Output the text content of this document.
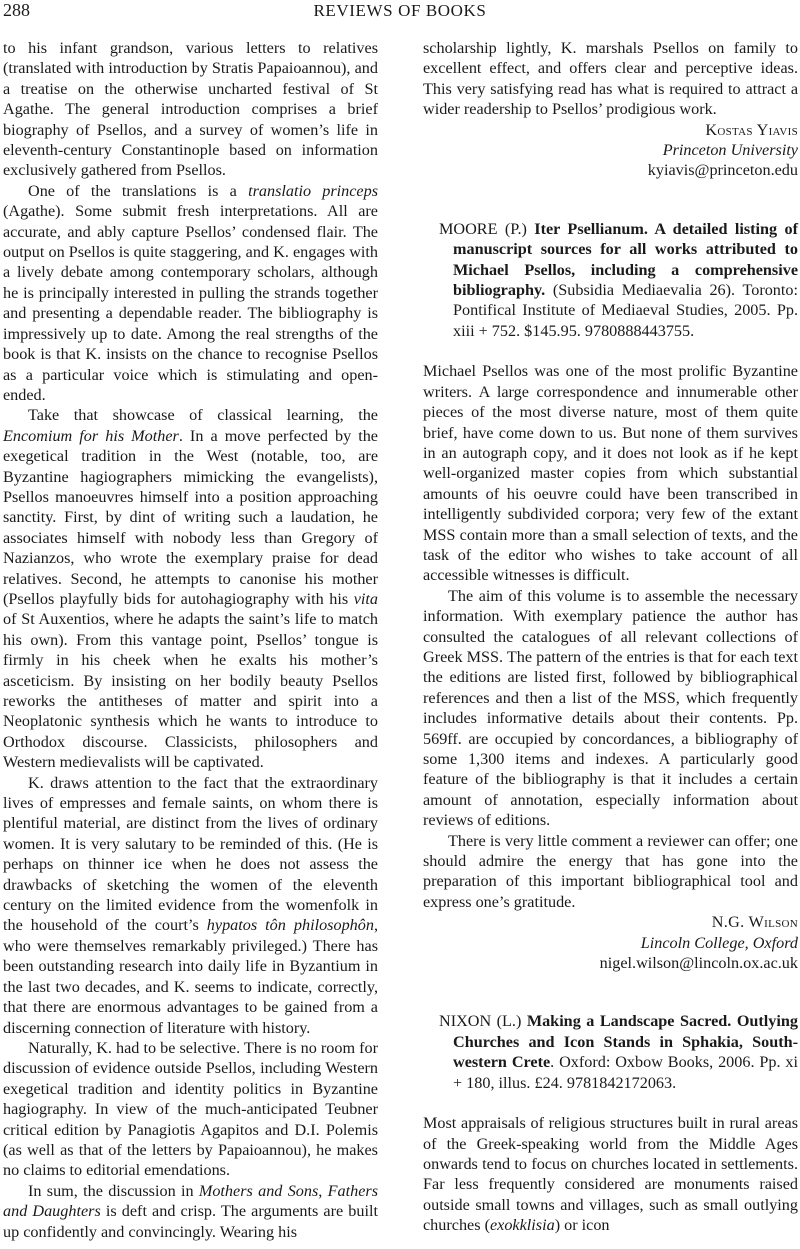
288	REVIEWS OF BOOKS

to his infant grandson, various letters to relatives (translated with introduction by Stratis Papaioannou), and a treatise on the otherwise uncharted festival of St Agathe. The general introduction comprises a brief biography of Psellos, and a survey of women’s life in eleventh-century Constantinople based on information exclusively gathered from Psellos.

One of the translations is a translatio princeps (Agathe). Some submit fresh interpretations. All are accurate, and ably capture Psellos’ condensed flair. The output on Psellos is quite staggering, and K. engages with a lively debate among contemporary scholars, although he is principally interested in pulling the strands together and presenting a dependable reader. The bibliography is impressively up to date. Among the real strengths of the book is that K. insists on the chance to recognise Psellos as a particular voice which is stimulating and open-ended.

Take that showcase of classical learning, the Encomium for his Mother. In a move perfected by the exegetical tradition in the West (notable, too, are Byzantine hagiographers mimicking the evangelists), Psellos manoeuvres himself into a position approaching sanctity. First, by dint of writing such a laudation, he associates himself with nobody less than Gregory of Nazianzos, who wrote the exemplary praise for dead relatives. Second, he attempts to canonise his mother (Psellos playfully bids for autohagiography with his vita of St Auxentios, where he adapts the saint’s life to match his own). From this vantage point, Psellos’ tongue is firmly in his cheek when he exalts his mother’s asceticism. By insisting on her bodily beauty Psellos reworks the antitheses of matter and spirit into a Neoplatonic synthesis which he wants to introduce to Orthodox discourse. Classicists, philosophers and Western medievalists will be captivated.

K. draws attention to the fact that the extraordinary lives of empresses and female saints, on whom there is plentiful material, are distinct from the lives of ordinary women. It is very salutary to be reminded of this. (He is perhaps on thinner ice when he does not assess the drawbacks of sketching the women of the eleventh century on the limited evidence from the womenfolk in the household of the court’s hypatos tôn philosophôn, who were themselves remarkably privileged.) There has been outstanding research into daily life in Byzantium in the last two decades, and K. seems to indicate, correctly, that there are enormous advantages to be gained from a discerning connection of literature with history.

Naturally, K. had to be selective. There is no room for discussion of evidence outside Psellos, including Western exegetical tradition and identity politics in Byzantine hagiography. In view of the much-anticipated Teubner critical edition by Panagiotis Agapitos and D.I. Polemis (as well as that of the letters by Papaioannou), he makes no claims to editorial emendations.

In sum, the discussion in Mothers and Sons, Fathers and Daughters is deft and crisp. The arguments are built up confidently and convincingly. Wearing his

scholarship lightly, K. marshals Psellos on family to excellent effect, and offers clear and perceptive ideas. This very satisfying read has what is required to attract a wider readership to Psellos’ prodigious work.

Kostas Yiavis
Princeton University
kyiavis@princeton.edu

MOORE (P.) Iter Psellianum. A detailed listing of manuscript sources for all works attributed to Michael Psellos, including a comprehensive bibliography. (Subsidia Mediaevalia 26). Toronto: Pontifical Institute of Mediaeval Studies, 2005. Pp. xiii + 752. $145.95. 9780888443755.

Michael Psellos was one of the most prolific Byzantine writers. A large correspondence and innumerable other pieces of the most diverse nature, most of them quite brief, have come down to us. But none of them survives in an autograph copy, and it does not look as if he kept well-organized master copies from which substantial amounts of his oeuvre could have been transcribed in intelligently subdivided corpora; very few of the extant MSS contain more than a small selection of texts, and the task of the editor who wishes to take account of all accessible witnesses is difficult.

The aim of this volume is to assemble the necessary information. With exemplary patience the author has consulted the catalogues of all relevant collections of Greek MSS. The pattern of the entries is that for each text the editions are listed first, followed by bibliographical references and then a list of the MSS, which frequently includes informative details about their contents. Pp. 569ff. are occupied by concordances, a bibliography of some 1,300 items and indexes. A particularly good feature of the bibliography is that it includes a certain amount of annotation, especially information about reviews of editions.

There is very little comment a reviewer can offer; one should admire the energy that has gone into the preparation of this important bibliographical tool and express one’s gratitude.

N.G. Wilson
Lincoln College, Oxford
nigel.wilson@lincoln.ox.ac.uk

NIXON (L.) Making a Landscape Sacred. Outlying Churches and Icon Stands in Sphakia, South-western Crete. Oxford: Oxbow Books, 2006. Pp. xi + 180, illus. £24. 9781842172063.

Most appraisals of religious structures built in rural areas of the Greek-speaking world from the Middle Ages onwards tend to focus on churches located in settlements. Far less frequently considered are monuments raised outside small towns and villages, such as small outlying churches (exokklisia) or icon
